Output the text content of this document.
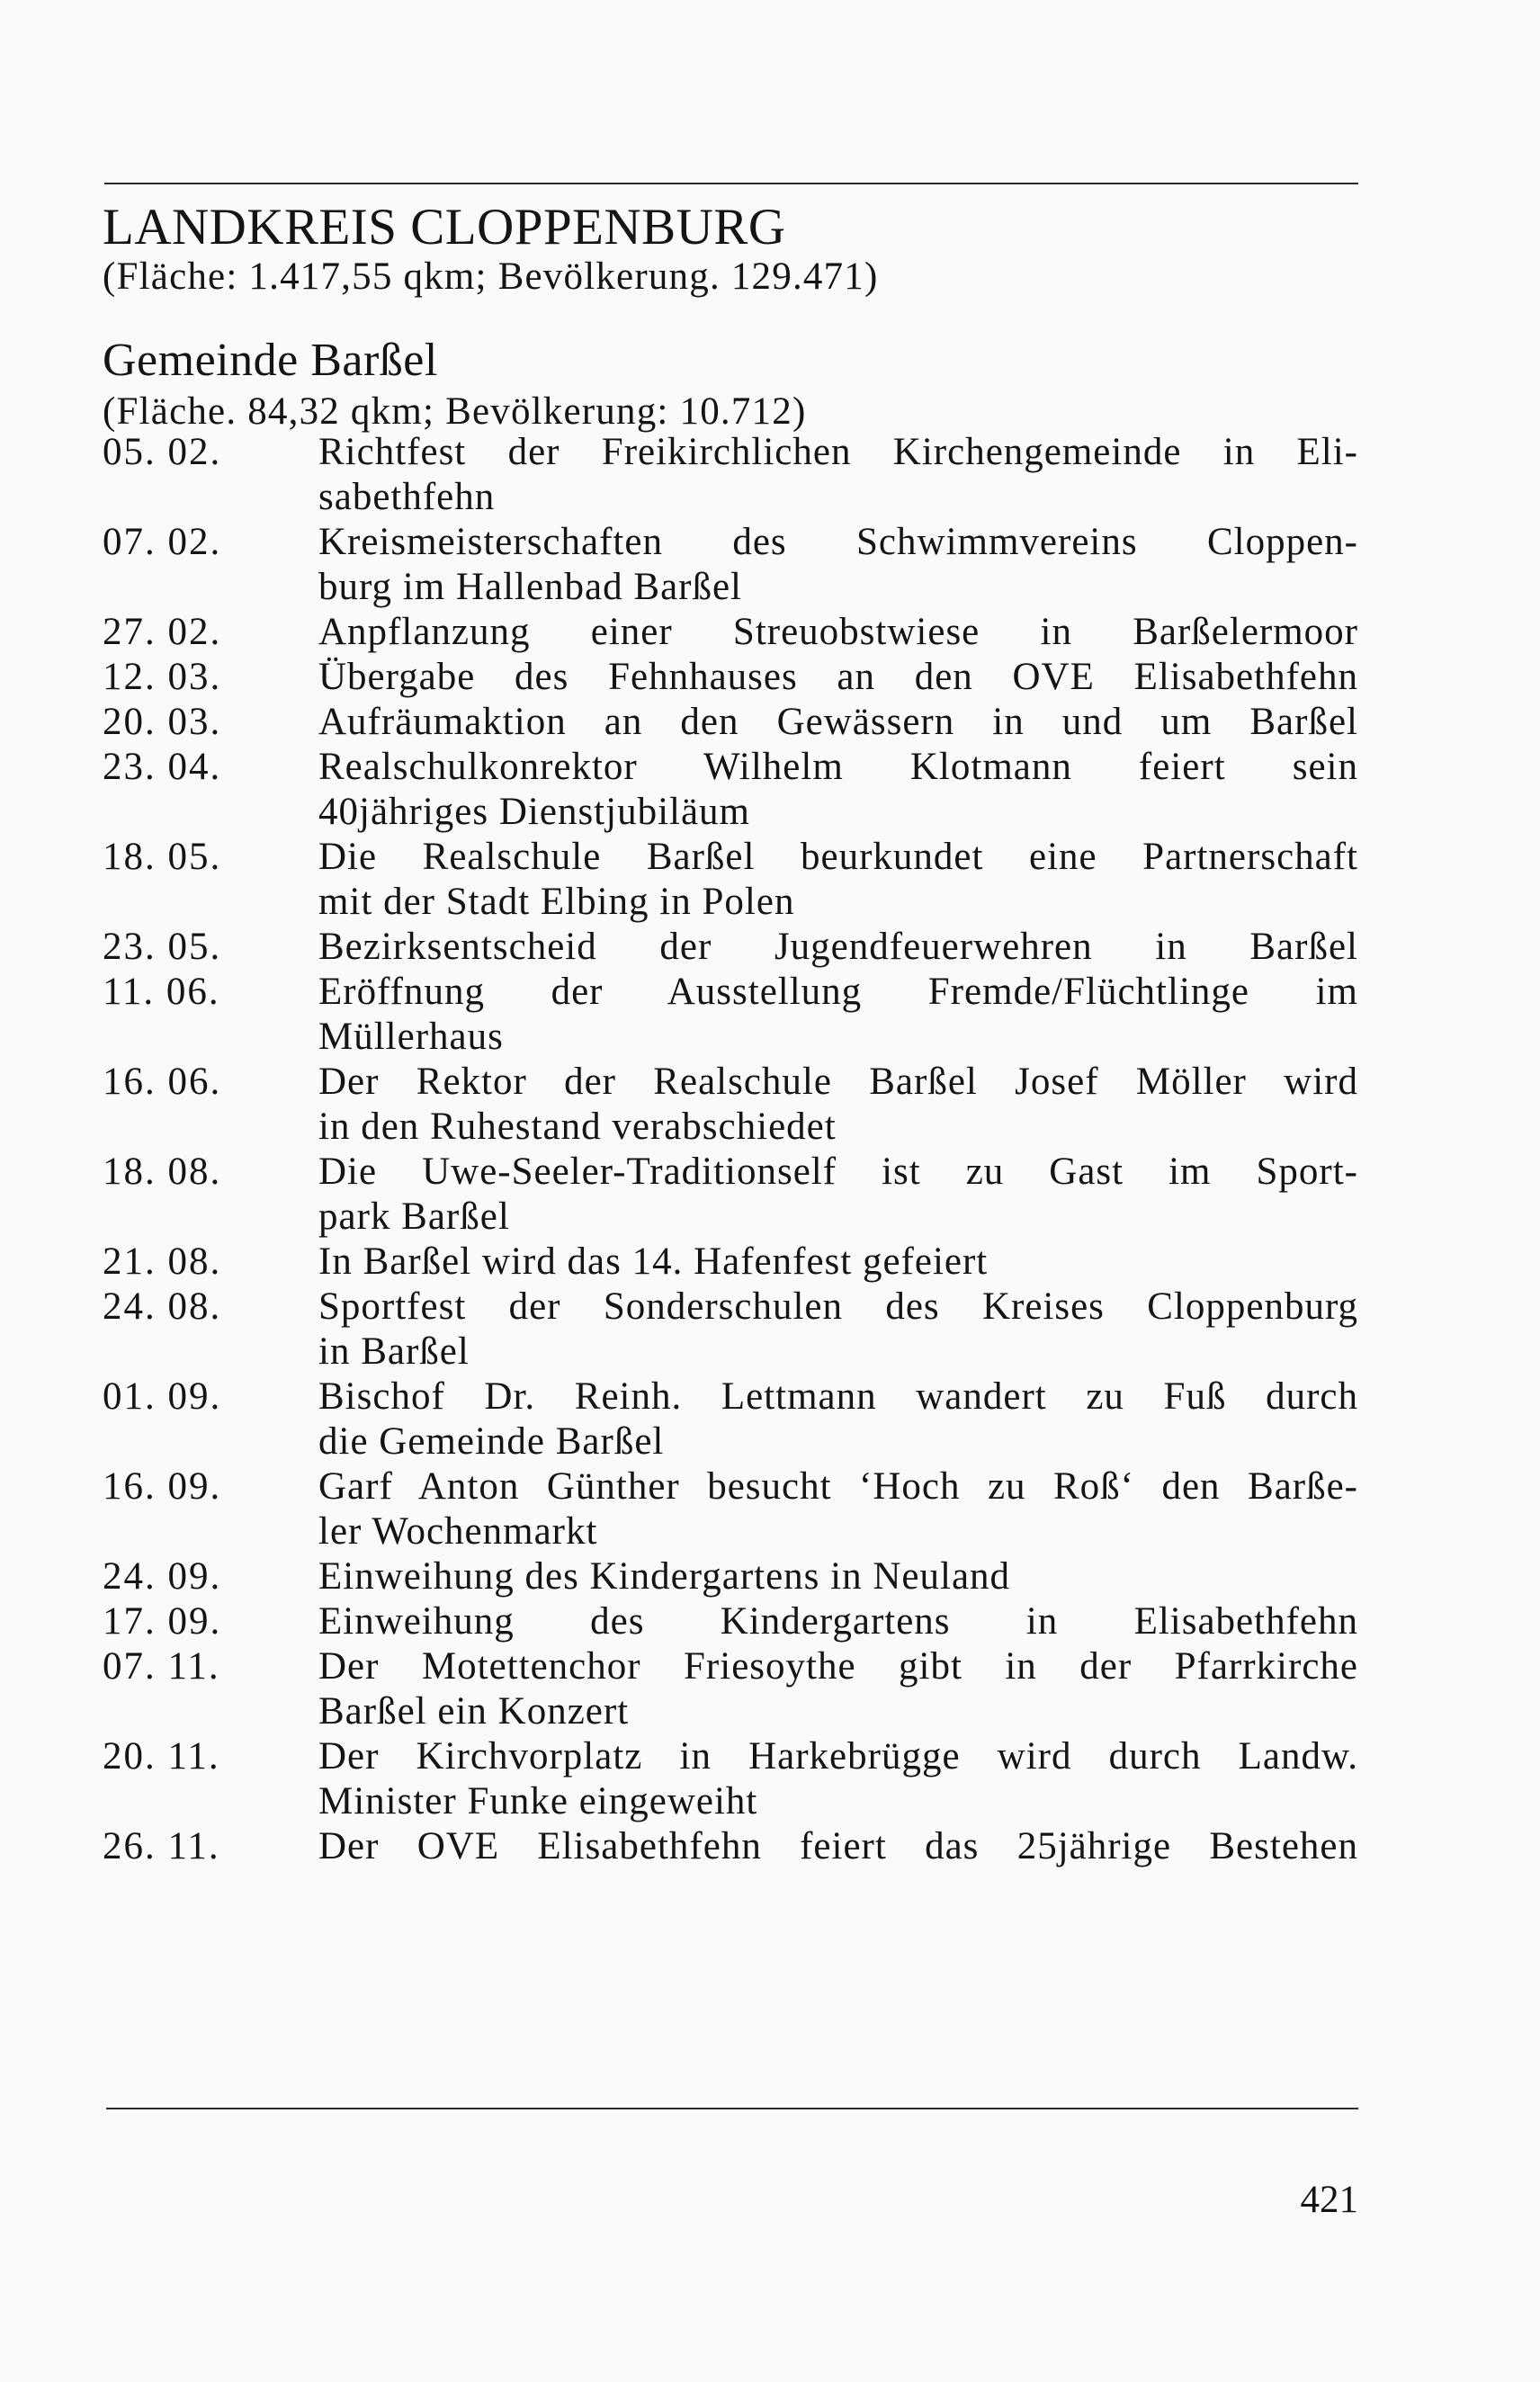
LANDKREIS CLOPPENBURG
(Fläche: 1.417,55 qkm; Bevölkerung. 129.471)
Gemeinde Barßel
(Fläche. 84,32 qkm; Bevölkerung: 10.712)
05. 02.	Richtfest der Freikirchlichen Kirchengemeinde in Eli-
sabethfehn
07. 02.	Kreismeisterschaften des Schwimmvereins Cloppen-
burg im Hallenbad Barßel
27. 02.	Anpflanzung einer Streuobstwiese in Barßelermoor
12. 03.	Übergabe des Fehnhauses an den OVE Elisabethfehn
20. 03.	Aufräumaktion an den Gewässern in und um Barßel
23. 04.	Realschulkonrektor Wilhelm Klotmann feiert sein
40jähriges Dienstjubiläum
18. 05.	Die Realschule Barßel beurkundet eine Partnerschaft
mit der Stadt Elbing in Polen
23. 05.	Bezirksentscheid der Jugendfeuerwehren in Barßel
11. 06.	Eröffnung der Ausstellung Fremde/Flüchtlinge im
Müllerhaus
16. 06.	Der Rektor der Realschule Barßel Josef Möller wird
in den Ruhestand verabschiedet
18. 08.	Die Uwe-Seeler-Traditionself ist zu Gast im Sport-
park Barßel
21. 08.	In Barßel wird das 14. Hafenfest gefeiert
24. 08.	Sportfest der Sonderschulen des Kreises Cloppenburg
in Barßel
01. 09.	Bischof Dr. Reinh. Lettmann wandert zu Fuß durch
die Gemeinde Barßel
16. 09.	Garf Anton Günther besucht ‘Hoch zu Roß‘ den Barße-
ler Wochenmarkt
24. 09.	Einweihung des Kindergartens in Neuland
17. 09.	Einweihung des Kindergartens in Elisabethfehn
07. 11.	Der Motettenchor Friesoythe gibt in der Pfarrkirche
Barßel ein Konzert
20. 11.	Der Kirchvorplatz in Harkebrügge wird durch Landw.
Minister Funke eingeweiht
26. 11.	Der OVE Elisabethfehn feiert das 25jährige Bestehen
421
